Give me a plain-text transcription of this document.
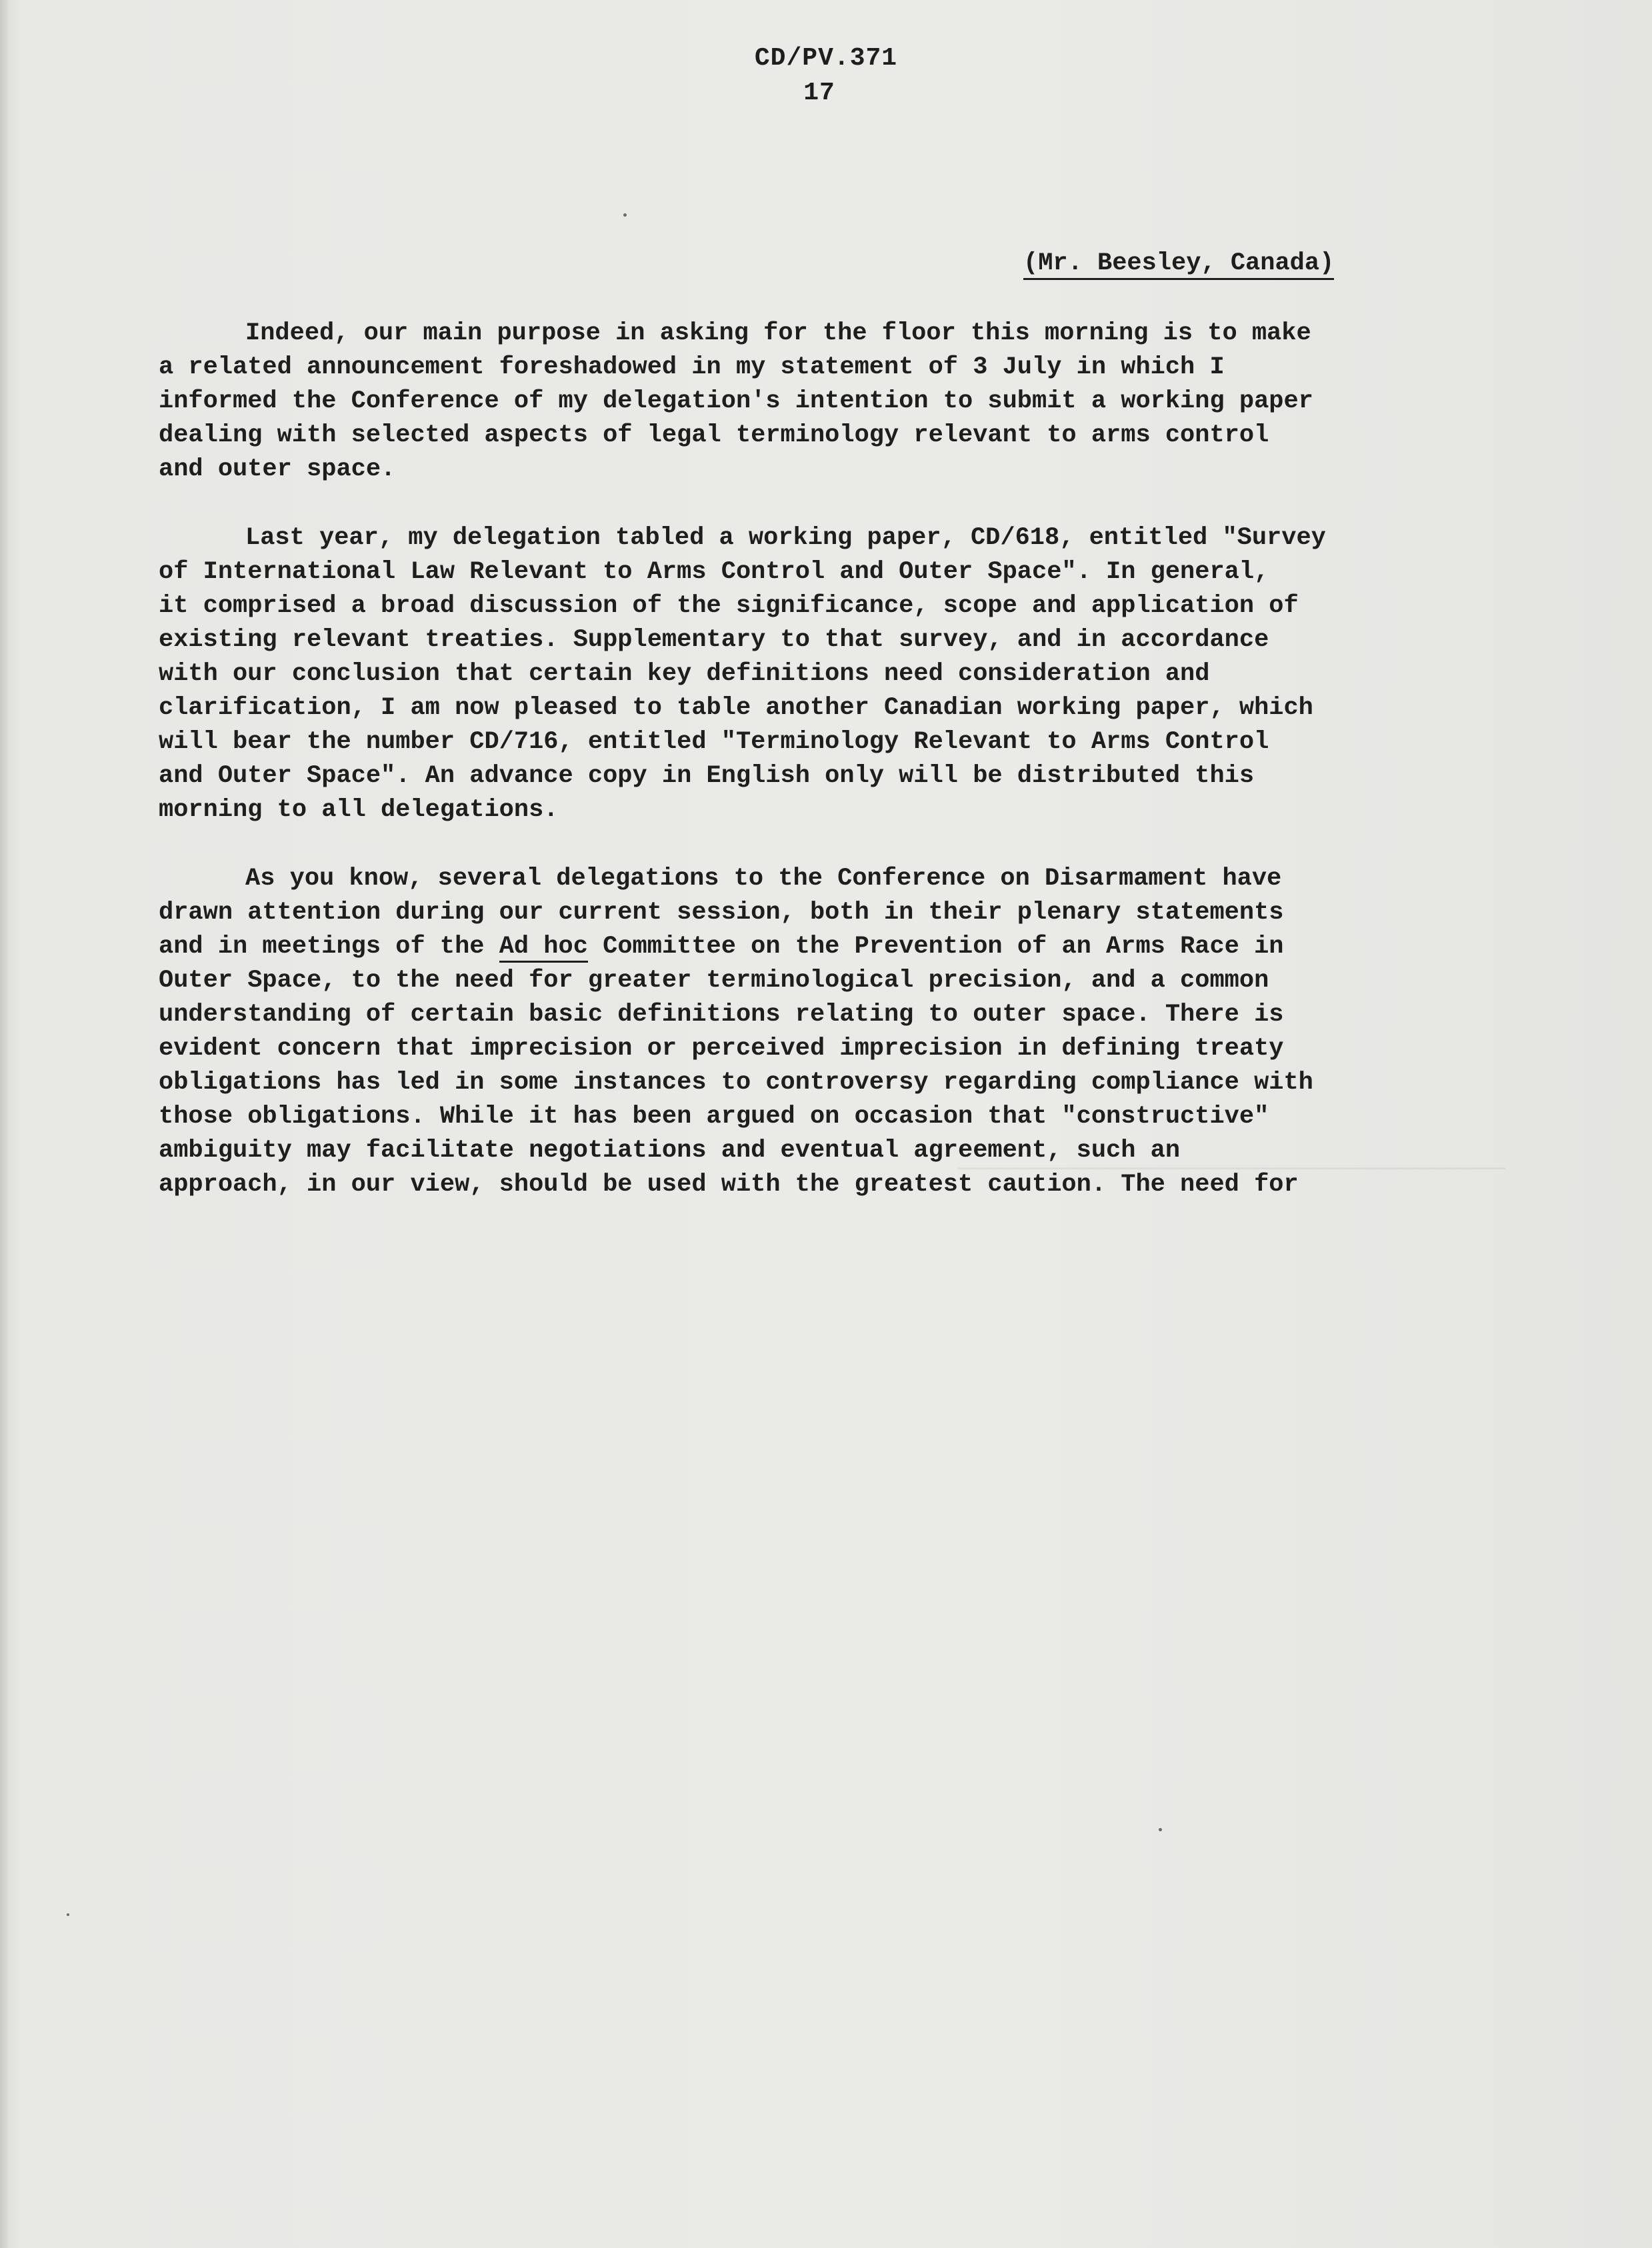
─────────────────────────────────────
CD/PV.371
17
(Mr. Beesley, Canada)
Indeed, our main purpose in asking for the floor this morning is to make
a related announcement foreshadowed in my statement of 3 July in which I
informed the Conference of my delegation's intention to submit a working paper
dealing with selected aspects of legal terminology relevant to arms control
and outer space.
Last year, my delegation tabled a working paper, CD/618, entitled "Survey
of International Law Relevant to Arms Control and Outer Space". In general,
it comprised a broad discussion of the significance, scope and application of
existing relevant treaties. Supplementary to that survey, and in accordance
with our conclusion that certain key definitions need consideration and
clarification, I am now pleased to table another Canadian working paper, which
will bear the number CD/716, entitled "Terminology Relevant to Arms Control
and Outer Space". An advance copy in English only will be distributed this
morning to all delegations.
As you know, several delegations to the Conference on Disarmament have
drawn attention during our current session, both in their plenary statements
and in meetings of the Ad hoc Committee on the Prevention of an Arms Race in
Outer Space, to the need for greater terminological precision, and a common
understanding of certain basic definitions relating to outer space. There is
evident concern that imprecision or perceived imprecision in defining treaty
obligations has led in some instances to controversy regarding compliance with
those obligations. While it has been argued on occasion that "constructive"
ambiguity may facilitate negotiations and eventual agreement, such an
approach, in our view, should be used with the greatest caution. The need for
